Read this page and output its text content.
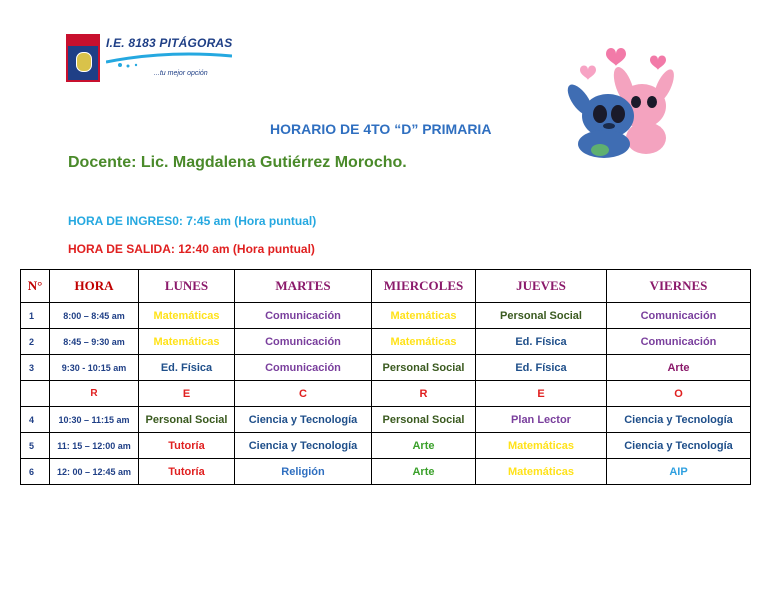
I.E. 8183 PITÁGORAS
...tu mejor opción
HORARIO DE 4TO “D” PRIMARIA
Docente: Lic. Magdalena Gutiérrez Morocho.
HORA DE INGRES0: 7:45 am (Hora puntual)
HORA DE SALIDA: 12:40 am (Hora puntual)
N°	HORA	LUNES	MARTES	MIERCOLES	JUEVES	VIERNES
1	8:00 – 8:45 am	Matemáticas	Comunicación	Matemáticas	Personal Social	Comunicación
2	8:45 – 9:30 am	Matemáticas	Comunicación	Matemáticas	Ed. Física	Comunicación
3	9:30 - 10:15 am	Ed. Física	Comunicación	Personal Social	Ed. Física	Arte
	R	E	C	R	E	O
4	10:30 – 11:15 am	Personal Social	Ciencia y Tecnología	Personal Social	Plan Lector	Ciencia y Tecnología
5	11: 15 – 12:00 am	Tutoría	Ciencia y Tecnología	Arte	Matemáticas	Ciencia y Tecnología
6	12: 00 – 12:45 am	Tutoría	Religión	Arte	Matemáticas	AIP
